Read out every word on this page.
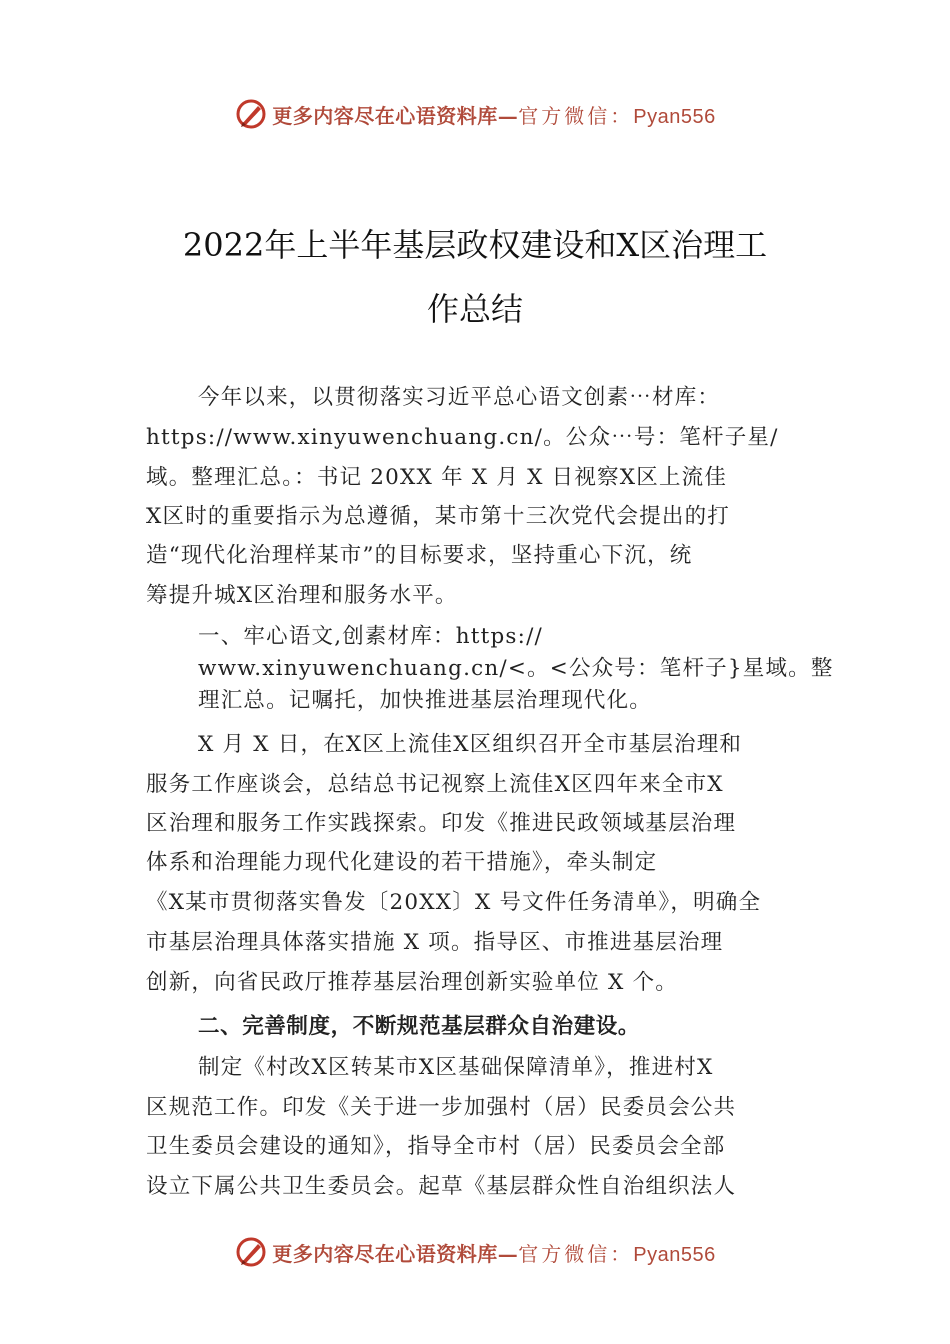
更多内容尽在心语资料库—官方微信：Pyan556
2022年上半年基层政权建设和X区治理工
作总结
今年以来，以贯彻落实习近平总心语文创素⋯材库：
https://www.xinyuwenchuang.cn/。公众⋯号：笔杆子星/
域。整理汇总。：书记 20XX 年 X 月 X 日视察X区上流佳
X区时的重要指示为总遵循，某市第十三次党代会提出的打
造“现代化治理样某市”的目标要求，坚持重心下沉，统
筹提升城X区治理和服务水平。
一、牢心语文,创素材库：https://
www.xinyuwenchuang.cn/<。<公众号：笔杆子}星域。整
理汇总。记嘱托，加快推进基层治理现代化。
X 月 X 日，在X区上流佳X区组织召开全市基层治理和
服务工作座谈会，总结总书记视察上流佳X区四年来全市X
区治理和服务工作实践探索。印发《推进民政领域基层治理
体系和治理能力现代化建设的若干措施》，牵头制定
《X某市贯彻落实鲁发〔20XX〕X 号文件任务清单》，明确全
市基层治理具体落实措施 X 项。指导区、市推进基层治理
创新，向省民政厅推荐基层治理创新实验单位 X 个。
二、完善制度，不断规范基层群众自治建设。
制定《村改X区转某市X区基础保障清单》，推进村X
区规范工作。印发《关于进一步加强村（居）民委员会公共
卫生委员会建设的通知》，指导全市村（居）民委员会全部
设立下属公共卫生委员会。起草《基层群众性自治组织法人
更多内容尽在心语资料库—官方微信：Pyan556
